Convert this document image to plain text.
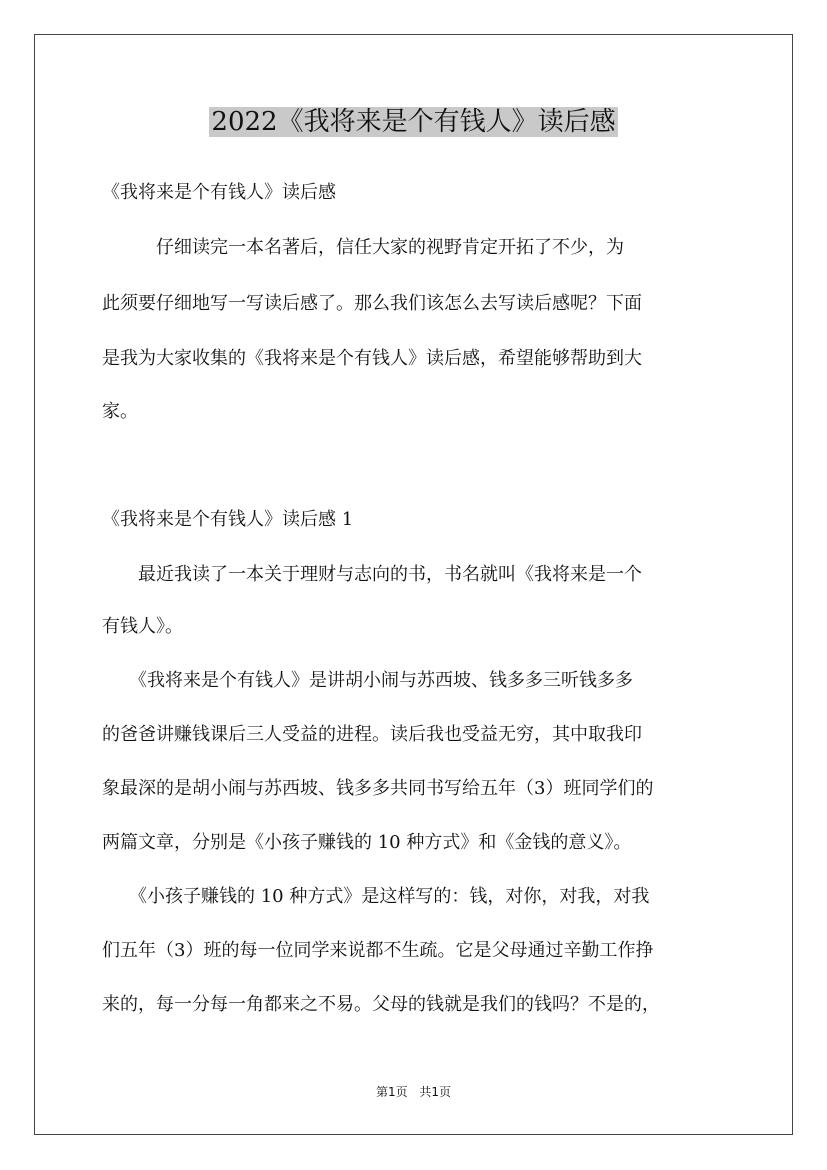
2022《我将来是个有钱人》读后感
《我将来是个有钱人》读后感
　　　仔细读完一本名著后，信任大家的视野肯定开拓了不少，为
此须要仔细地写一写读后感了。那么我们该怎么去写读后感呢？下面
是我为大家收集的《我将来是个有钱人》读后感，希望能够帮助到大
家。
《我将来是个有钱人》读后感 1
　　最近我读了一本关于理财与志向的书，书名就叫《我将来是一个
有钱人》。
　　《我将来是个有钱人》是讲胡小闹与苏西坡、钱多多三听钱多多
的爸爸讲赚钱课后三人受益的进程。读后我也受益无穷，其中取我印
象最深的是胡小闹与苏西坡、钱多多共同书写给五年（3）班同学们的
两篇文章，分别是《小孩子赚钱的 10 种方式》和《金钱的意义》。
　　《小孩子赚钱的 10 种方式》是这样写的：钱，对你，对我，对我
们五年（3）班的每一位同学来说都不生疏。它是父母通过辛勤工作挣
来的，每一分每一角都来之不易。父母的钱就是我们的钱吗？不是的，
第1页 共1页
